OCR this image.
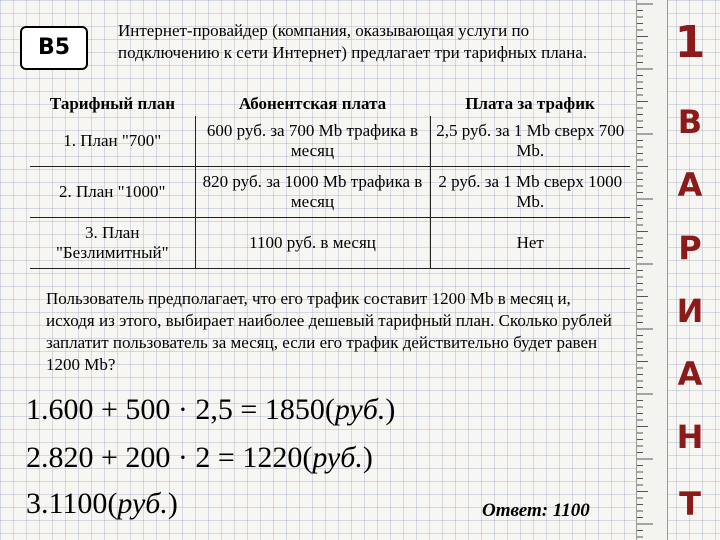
B5

Интернет-провайдер (компания, оказывающая услуги по подключению к сети Интернет) предлагает три тарифных плана.

Тарифный план	Абонентская плата	Плата за трафик
1. План "700"	600 руб. за 700 Mb трафика в месяц	2,5 руб. за 1 Mb сверх 700 Mb.
2. План "1000"	820 руб. за 1000 Mb трафика в месяц	2 руб. за 1 Mb сверх 1000 Mb.
3. План "Безлимитный"	1100 руб. в месяц	Нет

Пользователь предполагает, что его трафик составит 1200 Mb в месяц и, исходя из этого, выбирает наиболее дешевый тарифный план. Сколько рублей заплатит пользователь за месяц, если его трафик действительно будет равен 1200 Mb?

1.600 + 500 · 2,5 = 1850(руб.)
2.820 + 200 · 2 = 1220(руб.)
3.1100(руб.)	Ответ: 1100
1
В
А
Р
И
А
Н
Т
